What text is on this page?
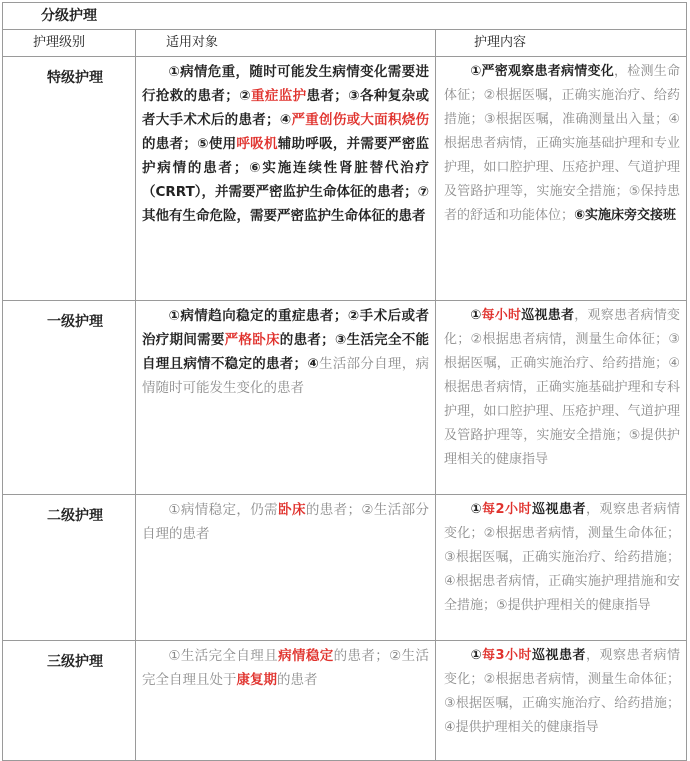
分级护理		
护理级别	适用对象	护理内容
特级护理	①病情危重，随时可能发生病情变化需要进行抢救的患者；②重症监护患者；③各种复杂或者大手术术后的患者；④严重创伤或大面积烧伤的患者；⑤使用呼吸机辅助呼吸，并需要严密监护病情的患者；⑥实施连续性肾脏替代治疗（CRRT），并需要严密监护生命体征的患者；⑦其他有生命危险，需要严密监护生命体征的患者	①严密观察患者病情变化，检测生命体征；②根据医嘱，正确实施治疗、给药措施；③根据医嘱，准确测量出入量；④根据患者病情，正确实施基础护理和专业护理，如口腔护理、压疮护理、气道护理及管路护理等，实施安全措施；⑤保持患者的舒适和功能体位；⑥实施床旁交接班
一级护理	①病情趋向稳定的重症患者；②手术后或者治疗期间需要严格卧床的患者；③生活完全不能自理且病情不稳定的患者；④生活部分自理，病情随时可能发生变化的患者	①每小时巡视患者，观察患者病情变化；②根据患者病情，测量生命体征；③根据医嘱，正确实施治疗、给药措施；④根据患者病情，正确实施基础护理和专科护理，如口腔护理、压疮护理、气道护理及管路护理等，实施安全措施；⑤提供护理相关的健康指导
二级护理	①病情稳定，仍需卧床的患者；②生活部分自理的患者	①每2小时巡视患者，观察患者病情变化；②根据患者病情，测量生命体征；③根据医嘱，正确实施治疗、给药措施；④根据患者病情，正确实施护理措施和安全措施；⑤提供护理相关的健康指导
三级护理	①生活完全自理且病情稳定的患者；②生活完全自理且处于康复期的患者	①每3小时巡视患者，观察患者病情变化；②根据患者病情，测量生命体征；③根据医嘱，正确实施治疗、给药措施；④提供护理相关的健康指导
